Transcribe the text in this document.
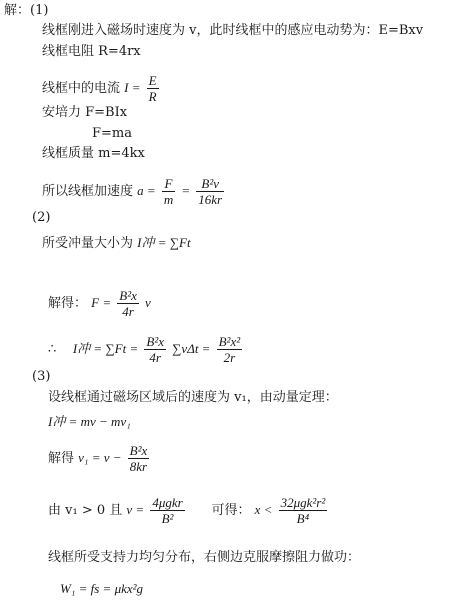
解：(1)
线框刚进入磁场时速度为 v，此时线框中的感应电动势为：E=Bxv
线框电阻 R=4rx
线框中的电流 $I = \frac{E}{R}$
安培力 F=BIx
F=ma
线框质量 m=4kx
所以线框加速度 $a = \frac{F}{m} = \frac{\text{B²v}}{16kr}$
(2)
所受冲量大小为 I冲 = ∑Ft
解得： $F = \frac{\text{B²x}}{4r}$ v
∴ I冲 = $\sum Ft = \frac{\text{B²x}}{4r} \sum v\Delta t = \frac{\text{B²x²}}{2r}$
(3)
设线框通过磁场区域后的速度为 v₁，由动量定理：
I冲 = mv − mv₁
解得 $v_1 = v - \frac{\text{B²x}}{8kr}$
由 v₁ > 0 且 $v = \frac{\text{4μgkr}}{\text{B²}}$ 可得： $x < \frac{\text{32μgk²r²}}{\text{B⁴}}$
线框所受支持力均匀分布，右侧边克服摩擦阻力做功：
W₁ = fs = μkx²g
